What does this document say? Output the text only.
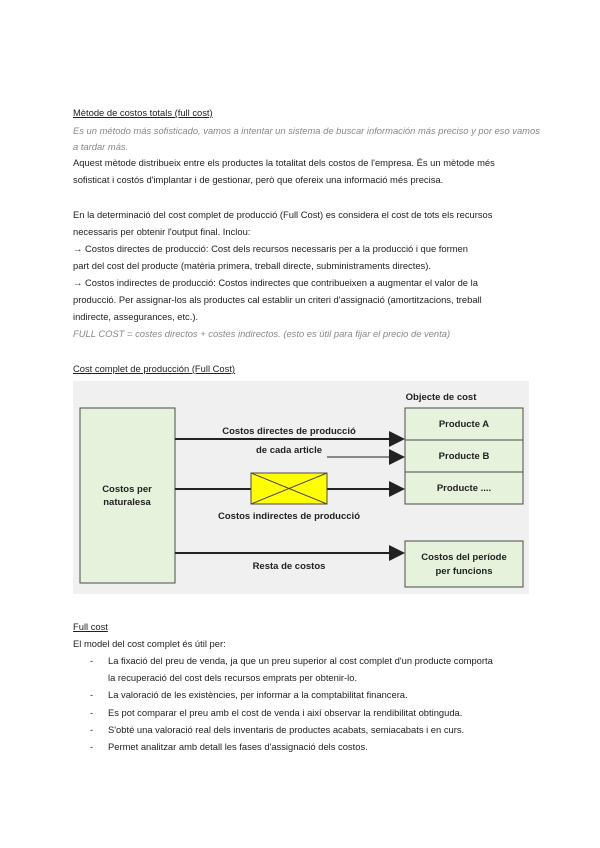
Mètode de costos totals (full cost)
Es un método más sofisticado, vamos a intentar un sistema de buscar información más preciso y por eso vamos
a tardar más.
Aquest mètode distribueix entre els productes la totalitat dels costos de l'empresa. És un mètode més
sofisticat i costós d'implantar i de gestionar, però que ofereix una informació més precisa.
En la determinació del cost complet de producció (Full Cost) es considera el cost de tots els recursos
necessaris per obtenir l'output final. Inclou:
→ Costos directes de producció: Cost dels recursos necessaris per a la producció i que formen
part del cost del producte (matèria primera, treball directe, subministraments directes).
→ Costos indirectes de producció: Costos indirectes que contribueixen a augmentar el valor de la
producció. Per assignar-los als productes cal establir un criteri d'assignació (amortitzacions, treball
indirecte, assegurances, etc.).
FULL COST = costes directos + costes indirectos. (esto es útil para fijar el precio de venta)
Cost complet de producción (Full Cost)
Costos per
naturalesa
Objecte de cost
Producte A
Producte B
Producte ....
Costos del període
per funcions
Costos directes de producció
de cada article
Costos indirectes de producció
Resta de costos
Full cost
El model del cost complet és útil per:
- La fixació del preu de venda, ja que un preu superior al cost complet d'un producte comporta
la recuperació del cost dels recursos emprats per obtenir-lo.
- La valoració de les existències, per informar a la comptabilitat financera.
- Es pot comparar el preu amb el cost de venda i així observar la rendibilitat obtinguda.
- S'obté una valoració real dels inventaris de productes acabats, semiacabats i en curs.
- Permet analitzar amb detall les fases d'assignació dels costos.
